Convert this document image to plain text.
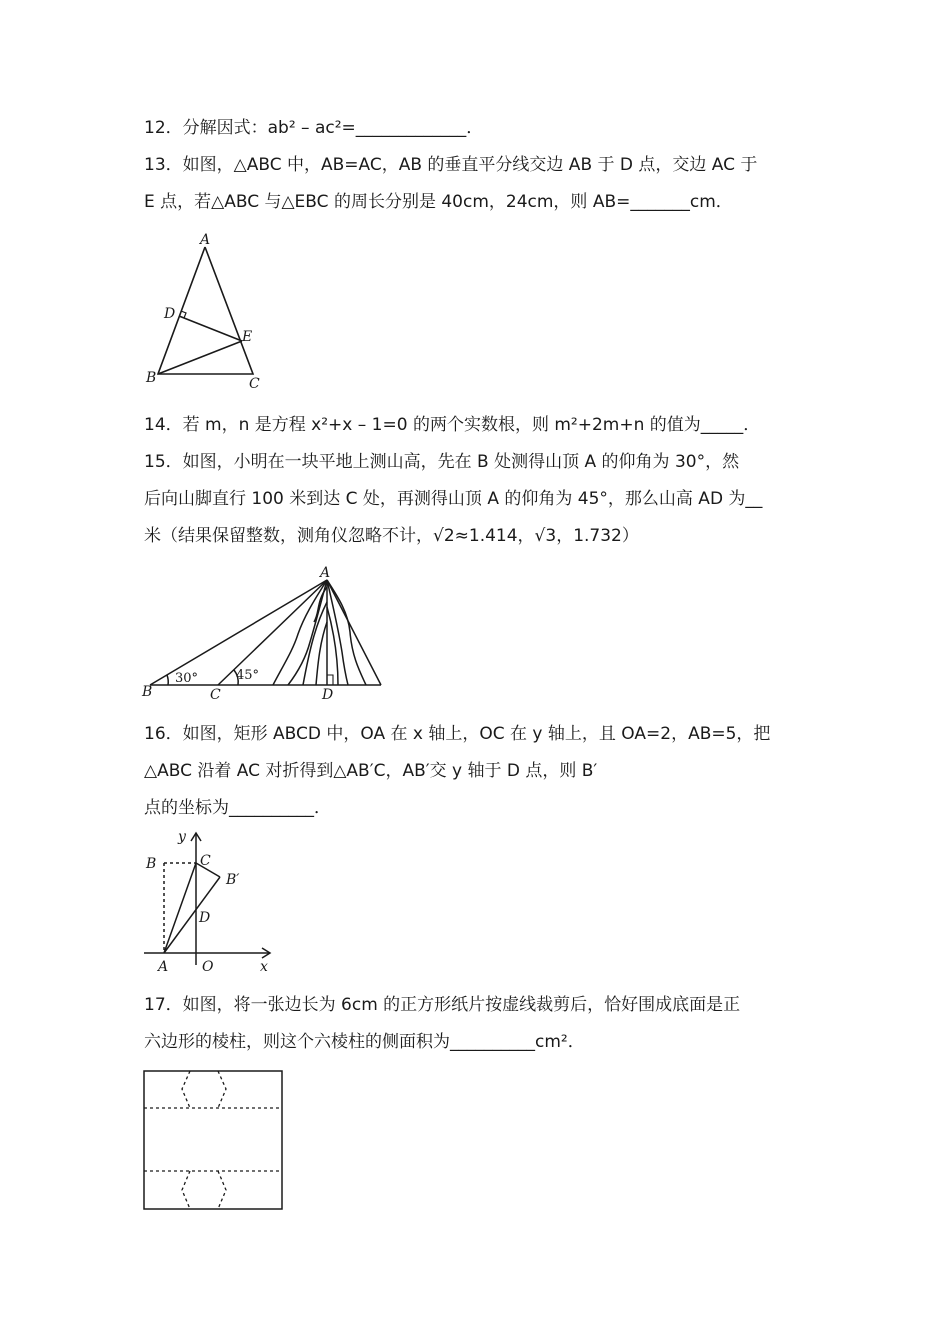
12．分解因式：ab² – ac²=_____________．
13．如图，△ABC 中，AB=AC，AB 的垂直平分线交边 AB 于 D 点，交边 AC 于
E 点，若△ABC 与△EBC 的周长分别是 40cm，24cm，则 AB=_______cm．
A
B	C
D
E
14．若 m，n 是方程 x²+x – 1=0 的两个实数根，则 m²+2m+n 的值为_____．
15．如图，小明在一块平地上测山高，先在 B 处测得山顶 A 的仰角为 30°，然
后向山脚直行 100 米到达 C 处，再测得山顶 A 的仰角为 45°，那么山高 AD 为__
米（结果保留整数，测角仪忽略不计，√2≈1.414，√3，1.732）
B	C	D
A
30°	45°
16．如图，矩形 ABCD 中，OA 在 x 轴上，OC 在 y 轴上，且 OA=2，AB=5，把
△ABC 沿着 AC 对折得到△AB′C，AB′交 y 轴于 D 点，则 B′
点的坐标为__________．
y
x
O
A
B	C
D
B′
17．如图，将一张边长为 6cm 的正方形纸片按虚线裁剪后，恰好围成底面是正
六边形的棱柱，则这个六棱柱的侧面积为__________cm²．
